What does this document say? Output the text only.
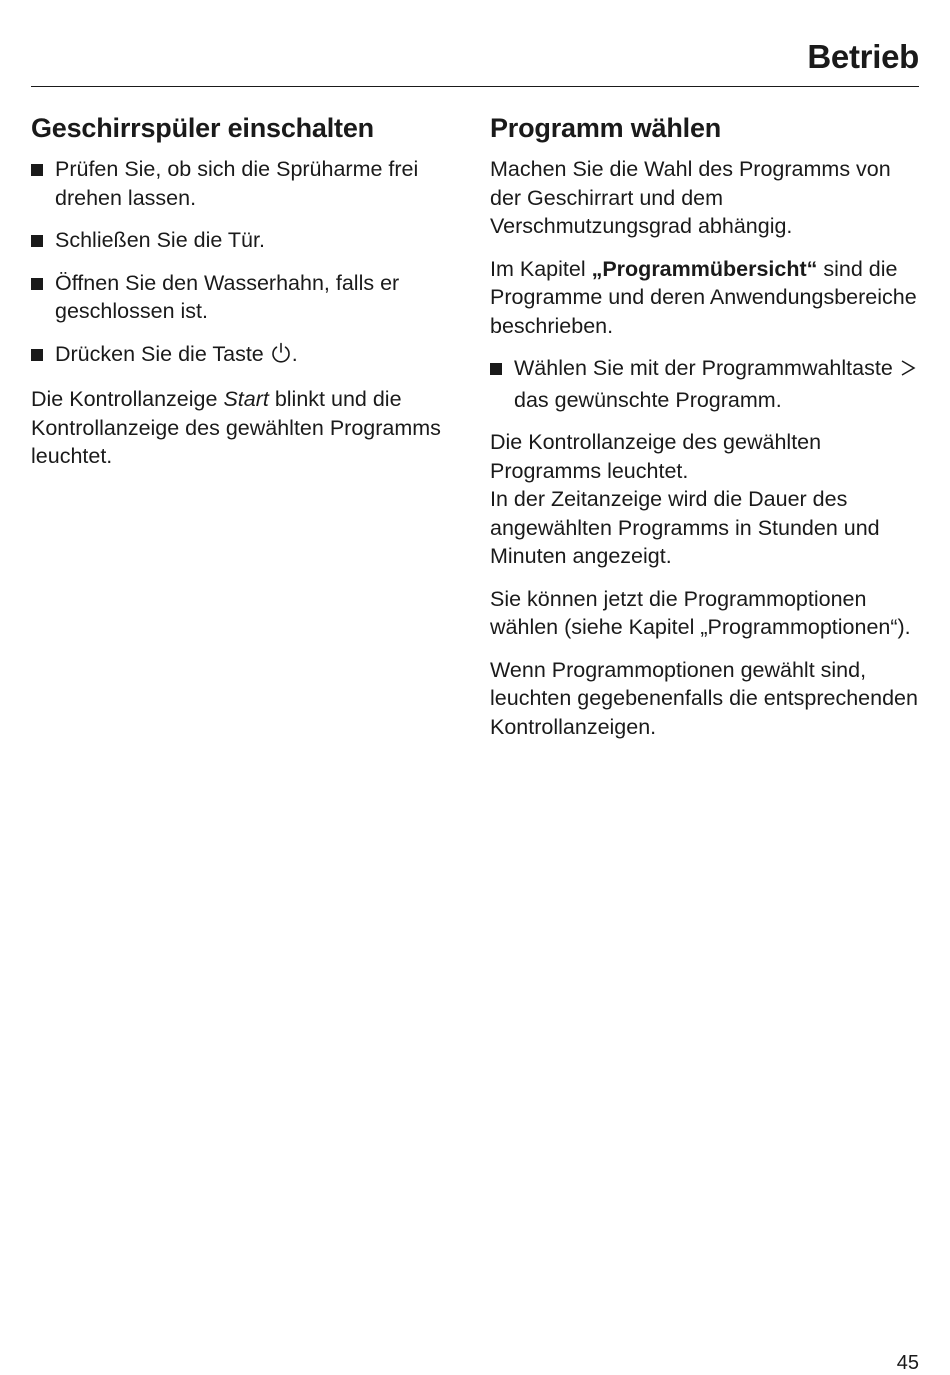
Betrieb
Geschirrspüler einschalten
Prüfen Sie, ob sich die Sprüharme frei drehen lassen.
Schließen Sie die Tür.
Öffnen Sie den Wasserhahn, falls er geschlossen ist.
Drücken Sie die Taste .

Die Kontrollanzeige Start blinkt und die Kontrollanzeige des gewählten Programms leuchtet.

Programm wählen

Machen Sie die Wahl des Programms von der Geschirrart und dem Verschmutzungsgrad abhängig.

Im Kapitel „Programmübersicht“ sind die Programme und deren Anwendungsbereiche beschrieben.

Wählen Sie mit der Programmwahltaste  das gewünschte Programm.

Die Kontrollanzeige des gewählten Programms leuchtet.
In der Zeitanzeige wird die Dauer des angewählten Programms in Stunden und Minuten angezeigt.

Sie können jetzt die Programmoptionen wählen (siehe Kapitel „Programmoptionen“).

Wenn Programmoptionen gewählt sind, leuchten gegebenenfalls die entsprechenden Kontrollanzeigen.

45
